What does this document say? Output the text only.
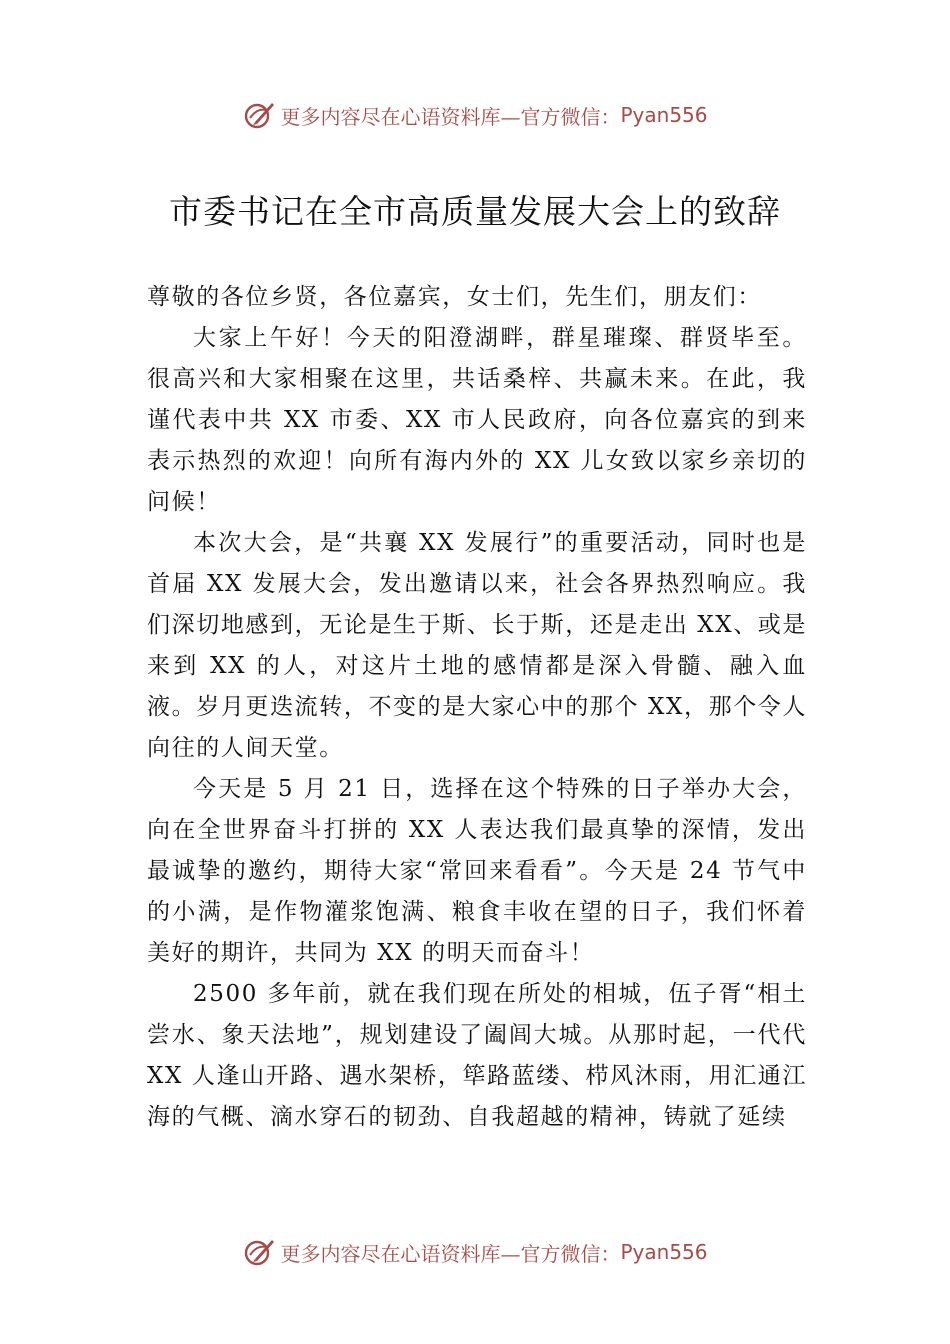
更多内容尽在心语资料库—官方微信： Pyan556
市委书记在全市高质量发展大会上的致辞

尊敬的各位乡贤，各位嘉宾，女士们，先生们，朋友们：

大家上午好！今天的阳澄湖畔，群星璀璨、群贤毕至。很高兴和大家相聚在这里，共话桑梓、共赢未来。在此，我谨代表中共 XX 市委、XX 市人民政府，向各位嘉宾的到来表示热烈的欢迎！向所有海内外的 XX 儿女致以家乡亲切的问候！

本次大会，是“共襄 XX 发展行”的重要活动，同时也是首届 XX 发展大会，发出邀请以来，社会各界热烈响应。我们深切地感到，无论是生于斯、长于斯，还是走出 XX、或是来到 XX 的人，对这片土地的感情都是深入骨髓、融入血液。岁月更迭流转，不变的是大家心中的那个 XX，那个令人向往的人间天堂。

今天是 5 月 21 日，选择在这个特殊的日子举办大会，向在全世界奋斗打拼的 XX 人表达我们最真挚的深情，发出最诚挚的邀约，期待大家“常回来看看”。今天是 24 节气中的小满，是作物灌浆饱满、粮食丰收在望的日子，我们怀着美好的期许，共同为 XX 的明天而奋斗！

2500 多年前，就在我们现在所处的相城，伍子胥“相土尝水、象天法地”，规划建设了阖闾大城。从那时起，一代代 XX 人逢山开路、遇水架桥，筚路蓝缕、栉风沐雨，用汇通江海的气概、滴水穿石的韧劲、自我超越的精神，铸就了延续

更多内容尽在心语资料库—官方微信： Pyan556
